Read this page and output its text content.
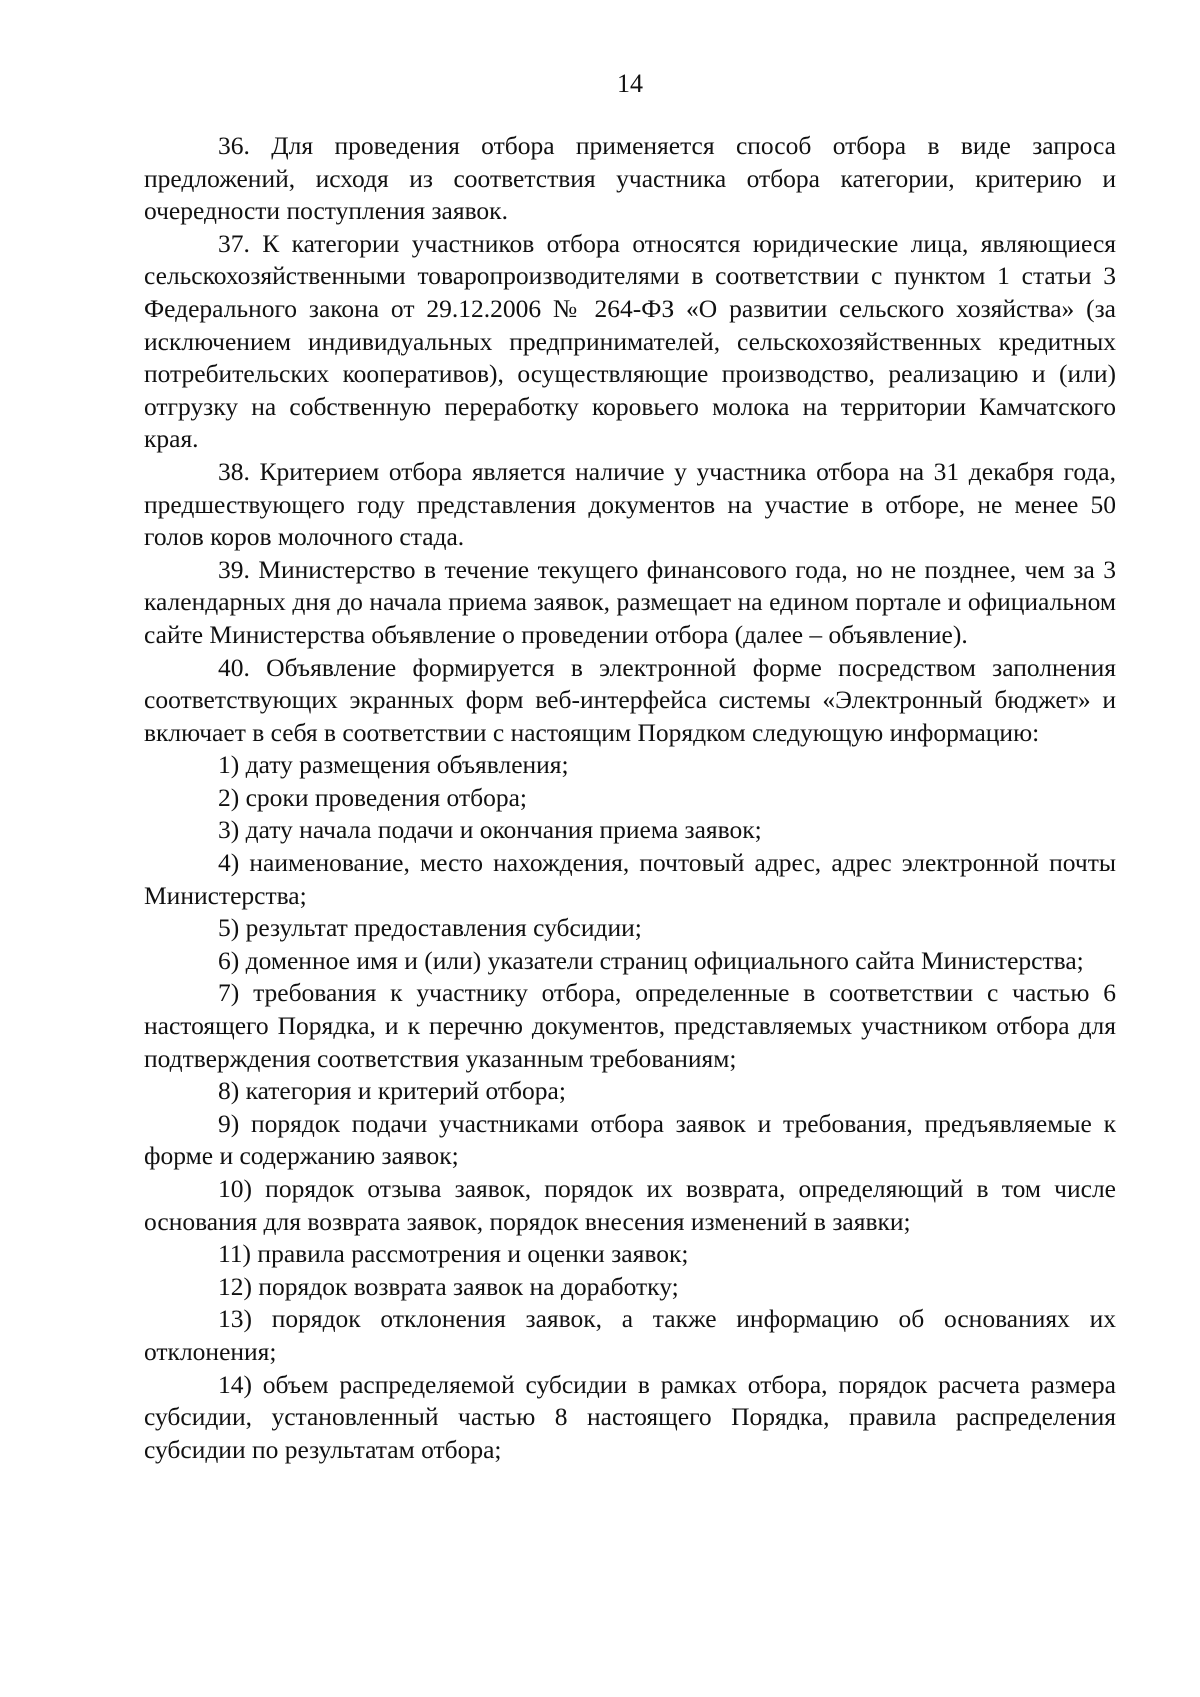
14

36. Для проведения отбора применяется способ отбора в виде запроса предложений, исходя из соответствия участника отбора категории, критерию и очередности поступления заявок.

37. К категории участников отбора относятся юридические лица, являющиеся сельскохозяйственными товаропроизводителями в соответствии с пунктом 1 статьи 3 Федерального закона от 29.12.2006 № 264-ФЗ «О развитии сельского хозяйства» (за исключением индивидуальных предпринимателей, сельскохозяйственных кредитных потребительских кооперативов), осуществляющие производство, реализацию и (или) отгрузку на собственную переработку коровьего молока на территории Камчатского края.

38. Критерием отбора является наличие у участника отбора на 31 декабря года, предшествующего году представления документов на участие в отборе, не менее 50 голов коров молочного стада.

39. Министерство в течение текущего финансового года, но не позднее, чем за 3 календарных дня до начала приема заявок, размещает на едином портале и официальном сайте Министерства объявление о проведении отбора (далее – объявление).

40. Объявление формируется в электронной форме посредством заполнения соответствующих экранных форм веб-интерфейса системы «Электронный бюджет» и включает в себя в соответствии с настоящим Порядком следующую информацию:

1) дату размещения объявления;

2) сроки проведения отбора;

3) дату начала подачи и окончания приема заявок;

4) наименование, место нахождения, почтовый адрес, адрес электронной почты Министерства;

5) результат предоставления субсидии;

6) доменное имя и (или) указатели страниц официального сайта Министерства;

7) требования к участнику отбора, определенные в соответствии с частью 6 настоящего Порядка, и к перечню документов, представляемых участником отбора для подтверждения соответствия указанным требованиям;

8) категория и критерий отбора;

9) порядок подачи участниками отбора заявок и требования, предъявляемые к форме и содержанию заявок;

10) порядок отзыва заявок, порядок их возврата, определяющий в том числе основания для возврата заявок, порядок внесения изменений в заявки;

11) правила рассмотрения и оценки заявок;

12) порядок возврата заявок на доработку;

13) порядок отклонения заявок, а также информацию об основаниях их отклонения;

14) объем распределяемой субсидии в рамках отбора, порядок расчета размера субсидии, установленный частью 8 настоящего Порядка, правила распределения субсидии по результатам отбора;
